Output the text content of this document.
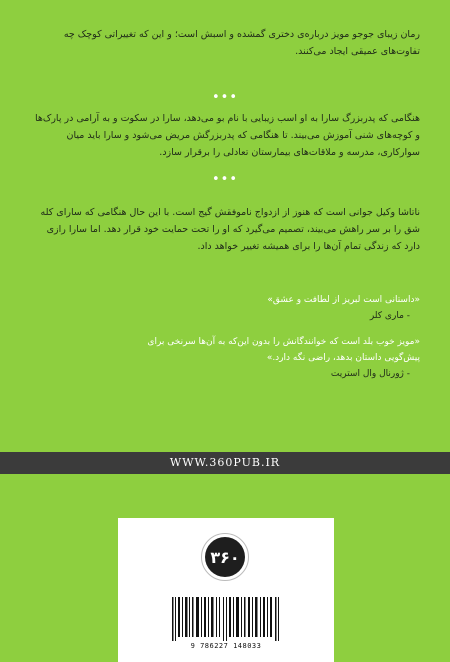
رمان زیبای جوجو مویز درباره‌ی دختری گمشده و اسبش است؛ و این که تغییراتی کوچک چه تفاوت‌های عمیقی ایجاد می‌کنند.
•••
هنگامی که پدربزرگ سارا به او اسب زیبایی با نام بو می‌دهد، سارا در سکوت و به آرامی در پارک‌ها و کوچه‌های شنی آموزش می‌بیند. تا هنگامی که پدربزرگش مریض می‌شود و سارا باید میان سوارکاری، مدرسه و ملاقات‌های بیمارستان تعادلی را برقرار سازد.
•••
ناتاشا وکیل جوانی است که هنوز از ازدواج ناموفقش گیج است. با این حال هنگامی که سارای کله شق را بر سر راهش می‌بیند، تصمیم می‌گیرد که او را تحت حمایت خود قرار دهد. اما سارا رازی دارد که زندگی تمام آن‌ها را برای همیشه تغییر خواهد داد.
«داستانی است لبریز از لطافت و عشق»
- ماری کلر
«مویز خوب بلد است که خوانندگانش را بدون این‌که به آن‌ها سرنخی برای پیش‌گویی داستان بدهد، راضی نگه دارد.»
- ژورنال وال استریت
WWW.360PUB.IR
۳۶۰
9 786227 148033
